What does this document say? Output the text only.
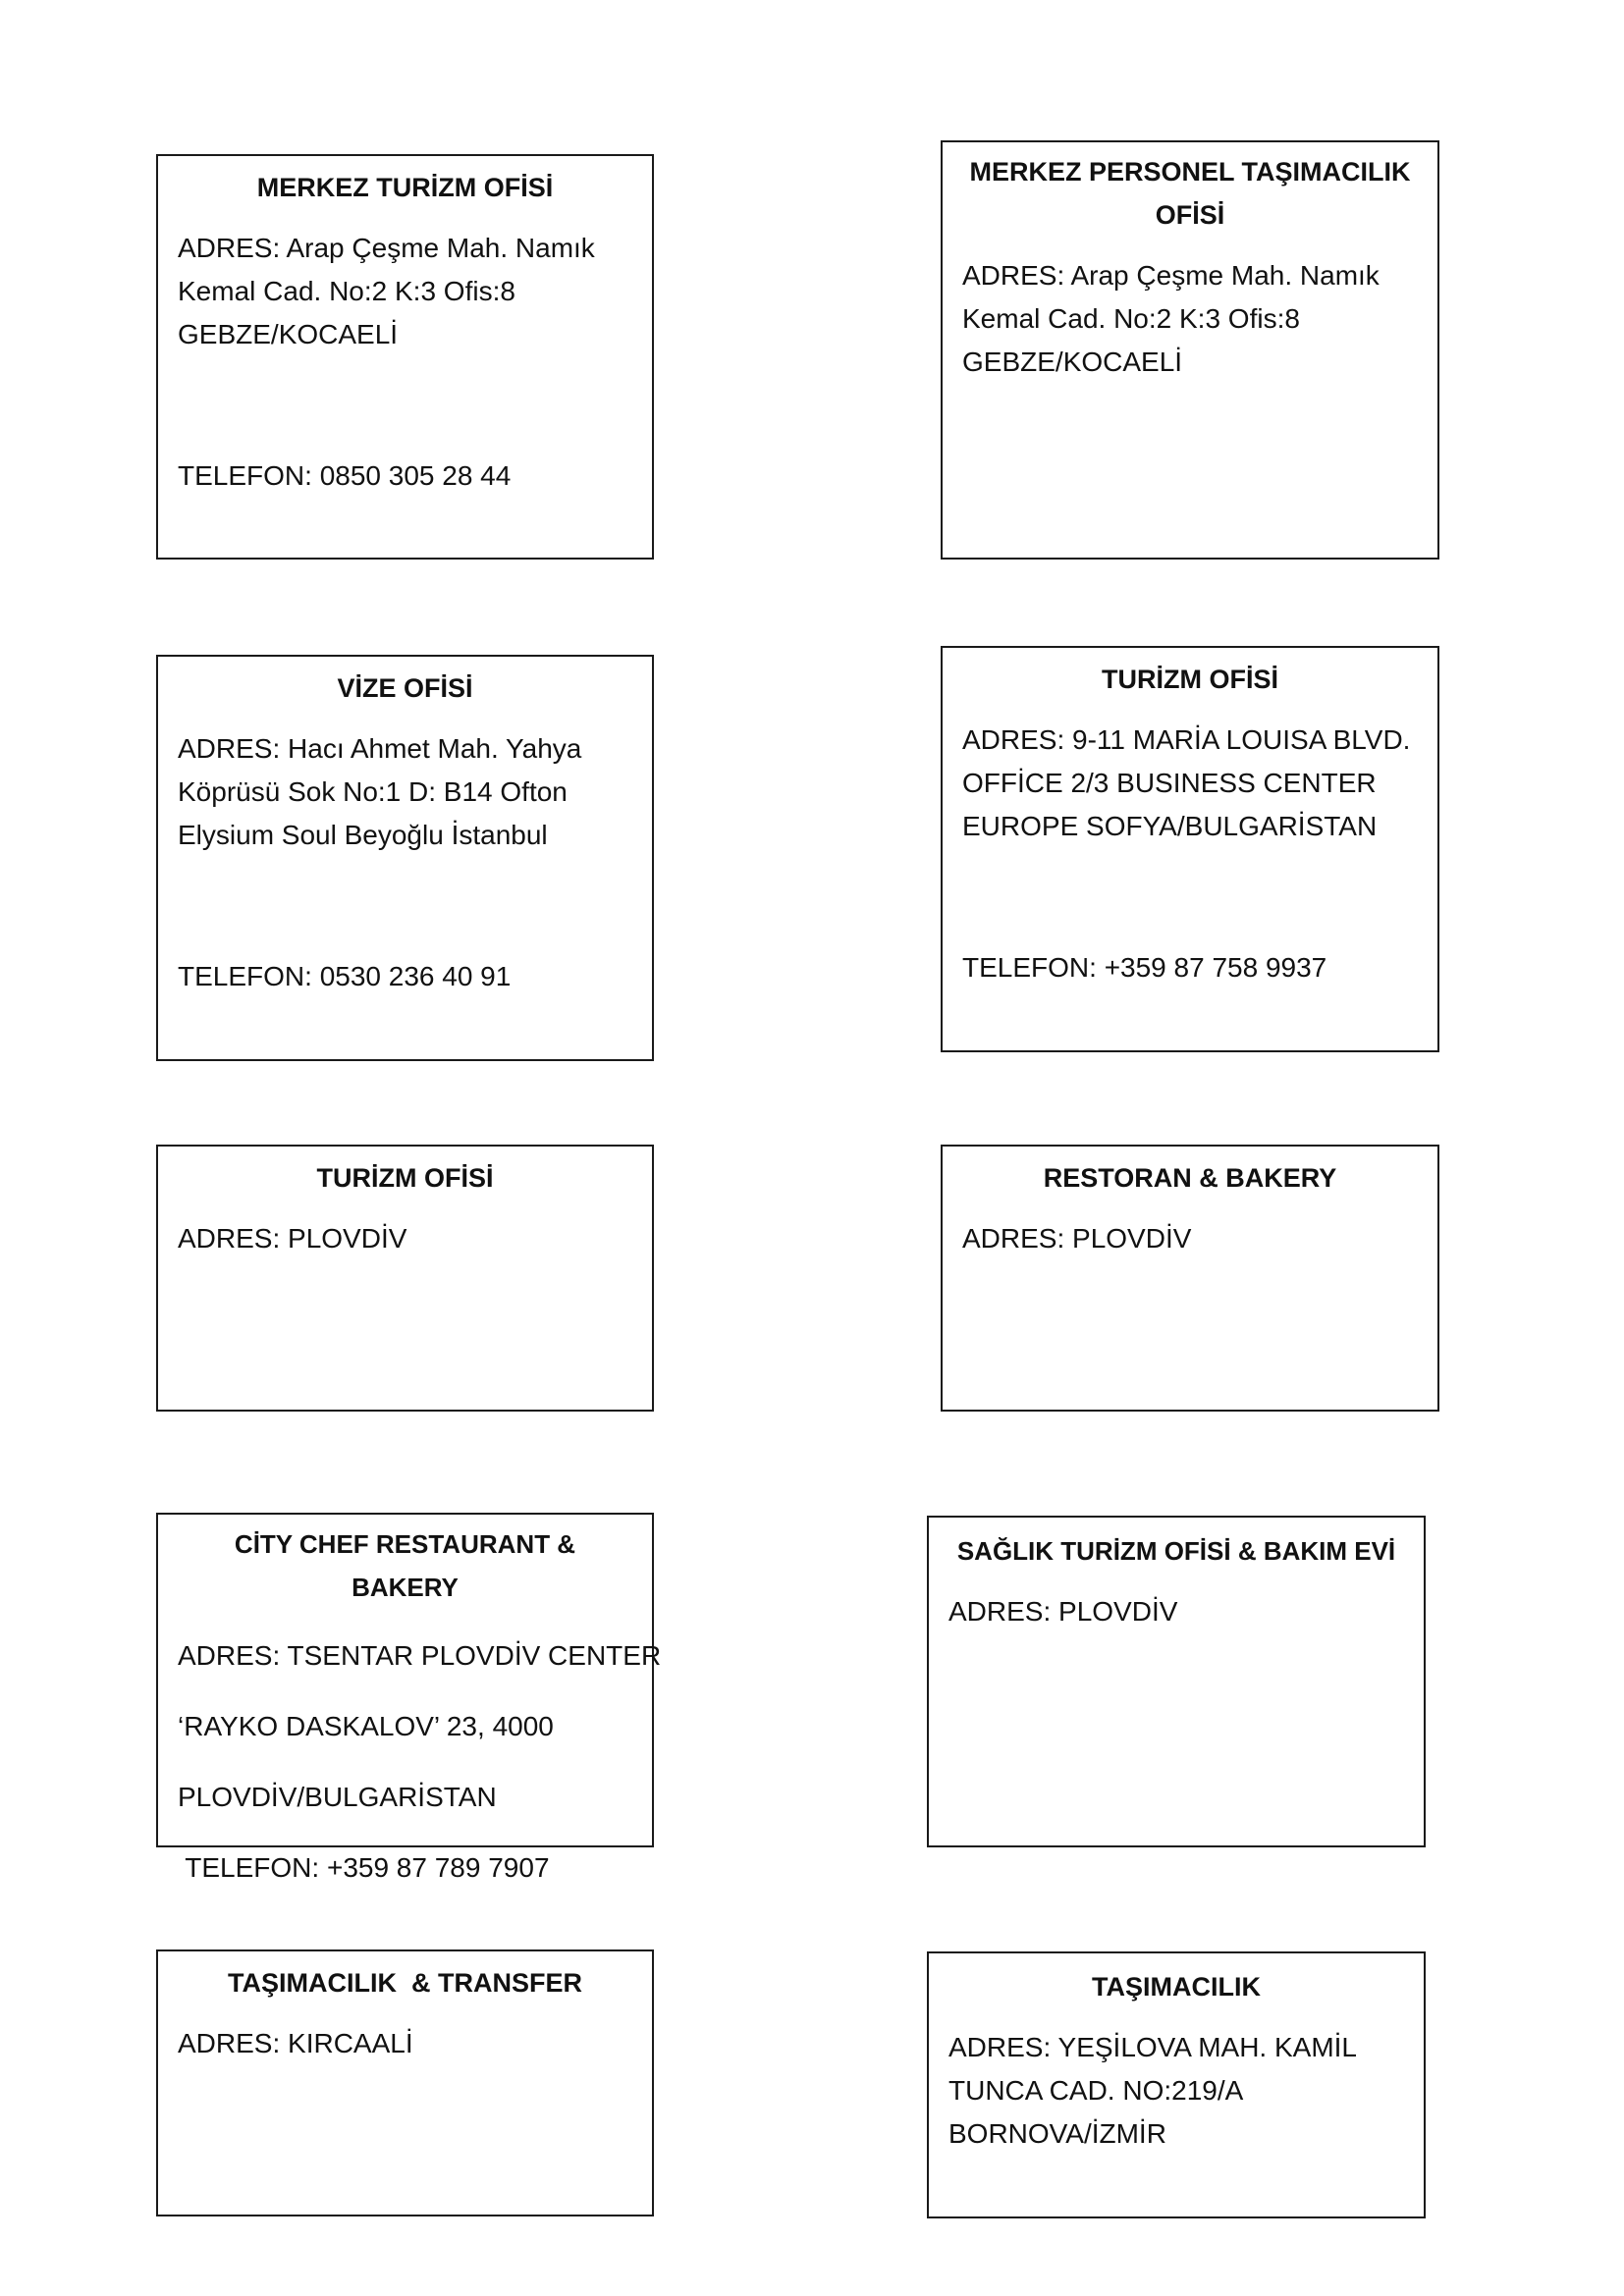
MERKEZ TURİZM OFİSİ
ADRES: Arap Çeşme Mah. Namık
Kemal Cad. No:2 K:3 Ofis:8
GEBZE/KOCAELİ
TELEFON: 0850 305 28 44
MERKEZ PERSONEL TAŞIMACILIK
OFİSİ
ADRES: Arap Çeşme Mah. Namık
Kemal Cad. No:2 K:3 Ofis:8
GEBZE/KOCAELİ
VİZE OFİSİ
ADRES: Hacı Ahmet Mah. Yahya
Köprüsü Sok No:1 D: B14 Ofton
Elysium Soul Beyoğlu İstanbul
TELEFON: 0530 236 40 91
TURİZM OFİSİ
ADRES: 9-11 MARİA LOUISA BLVD.
OFFİCE 2/3 BUSINESS CENTER
EUROPE SOFYA/BULGARİSTAN
TELEFON: +359 87 758 9937
TURİZM OFİSİ
ADRES: PLOVDİV
RESTORAN & BAKERY
ADRES: PLOVDİV
CİTY CHEF RESTAURANT & BAKERY
ADRES: TSENTAR PLOVDİV CENTER
‘RAYKO DASKALOV’ 23, 4000
PLOVDİV/BULGARİSTAN
TELEFON: +359 87 789 7907
SAĞLIK TURİZM OFİSİ & BAKIM EVİ
ADRES: PLOVDİV
TAŞIMACILIK  & TRANSFER
ADRES: KIRCAALİ
TAŞIMACILIK
ADRES: YEŞİLOVA MAH. KAMİL
TUNCA CAD. NO:219/A
BORNOVA/İZMİR
